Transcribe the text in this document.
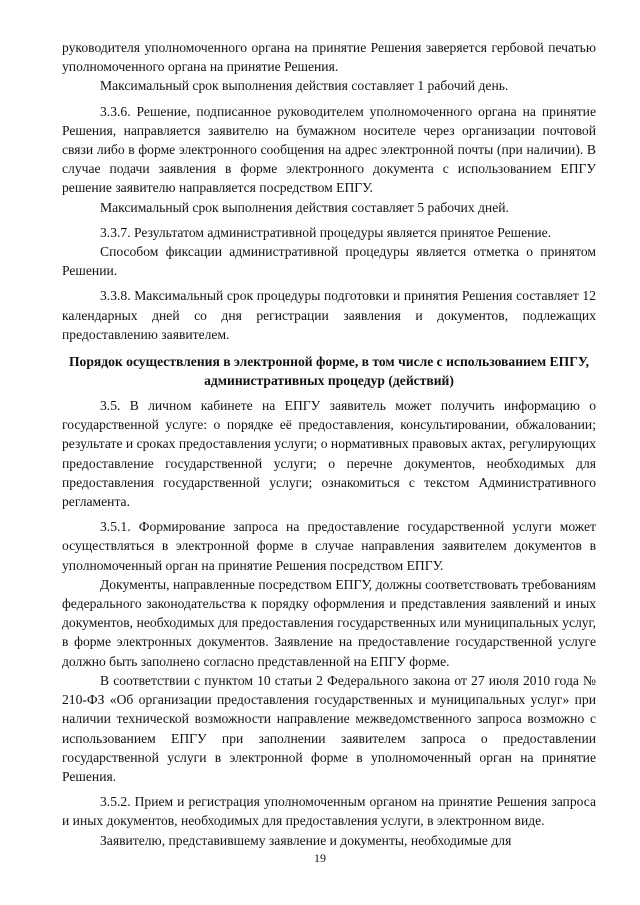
руководителя уполномоченного органа на принятие Решения заверяется гербовой печатью уполномоченного органа на принятие Решения.

Максимальный срок выполнения действия составляет 1 рабочий день.

3.3.6. Решение, подписанное руководителем уполномоченного органа на принятие Решения, направляется заявителю на бумажном носителе через организации почтовой связи либо в форме электронного сообщения на адрес электронной почты (при наличии). В случае подачи заявления в форме электронного документа с использованием ЕПГУ решение заявителю направляется посредством ЕПГУ.

Максимальный срок выполнения действия составляет 5 рабочих дней.

3.3.7. Результатом административной процедуры является принятое Решение.

Способом фиксации административной процедуры является отметка о принятом Решении.

3.3.8. Максимальный срок процедуры подготовки и принятия Решения составляет 12 календарных дней со дня регистрации заявления и документов, подлежащих предоставлению заявителем.

Порядок осуществления в электронной форме, в том числе с использованием ЕПГУ, административных процедур (действий)

3.5. В личном кабинете на ЕПГУ заявитель может получить информацию о государственной услуге: о порядке её предоставления, консультировании, обжаловании; результате и сроках предоставления услуги; о нормативных правовых актах, регулирующих предоставление государственной услуги; о перечне документов, необходимых для предоставления государственной услуги; ознакомиться с текстом Административного регламента.

3.5.1. Формирование запроса на предоставление государственной услуги может осуществляться в электронной форме в случае направления заявителем документов в уполномоченный орган на принятие Решения посредством ЕПГУ.

Документы, направленные посредством ЕПГУ, должны соответствовать требованиям федерального законодательства к порядку оформления и представления заявлений и иных документов, необходимых для предоставления государственных или муниципальных услуг, в форме электронных документов. Заявление на предоставление государственной услуге должно быть заполнено согласно представленной на ЕПГУ форме.

В соответствии с пунктом 10 статьи 2 Федерального закона от 27 июля 2010 года № 210-ФЗ «Об организации предоставления государственных и муниципальных услуг» при наличии технической возможности направление межведомственного запроса возможно с использованием ЕПГУ при заполнении заявителем запроса о предоставлении государственной услуги в электронной форме в уполномоченный орган на принятие Решения.

3.5.2. Прием и регистрация уполномоченным органом на принятие Решения запроса и иных документов, необходимых для предоставления услуги, в электронном виде.

Заявителю, представившему заявление и документы, необходимые для

19
